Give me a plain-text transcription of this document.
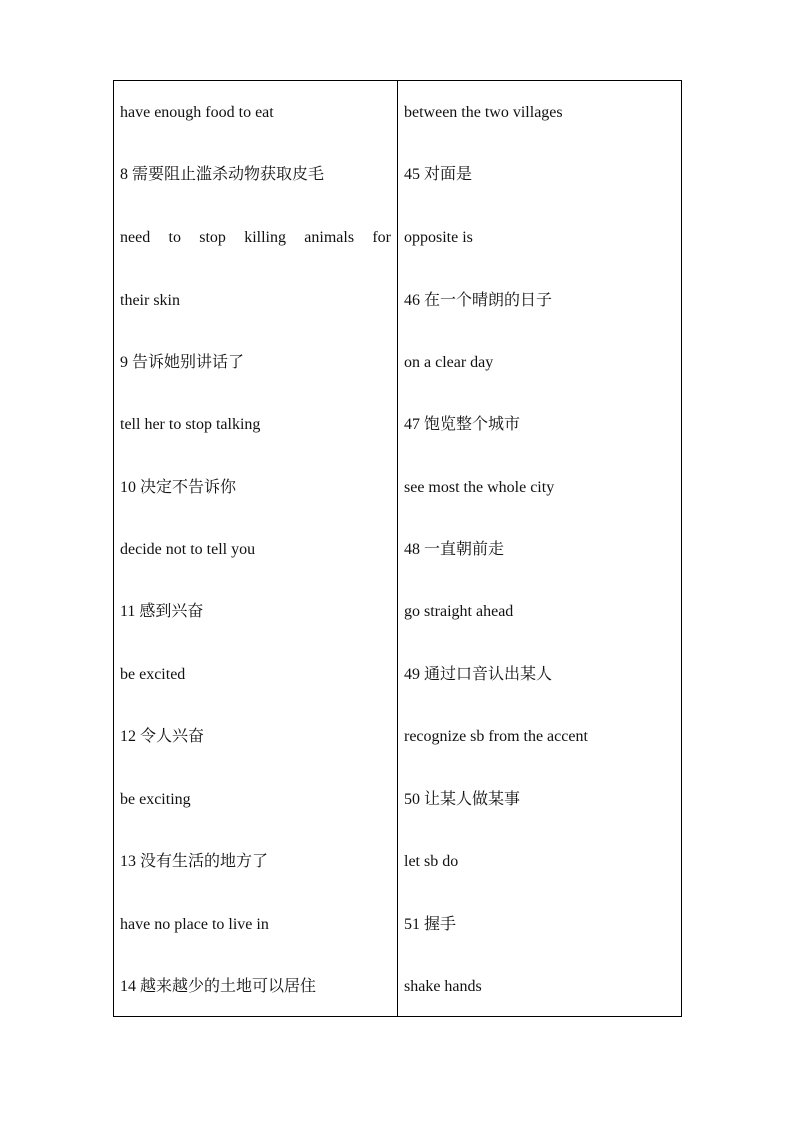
have enough food to eat
8 需要阻止滥杀动物获取皮毛
need to stop killing animals for
their skin
9 告诉她别讲话了
tell her to stop talking
10 决定不告诉你
decide not to tell you
11 感到兴奋
be excited
12 令人兴奋
be exciting
13 没有生活的地方了
have no place to live in
14 越来越少的土地可以居住
between the two villages
45 对面是
opposite is
46 在一个晴朗的日子
on a clear day
47 饱览整个城市
see most the whole city
48 一直朝前走
go straight ahead
49 通过口音认出某人
recognize sb from the accent
50 让某人做某事
let sb do
51 握手
shake hands
